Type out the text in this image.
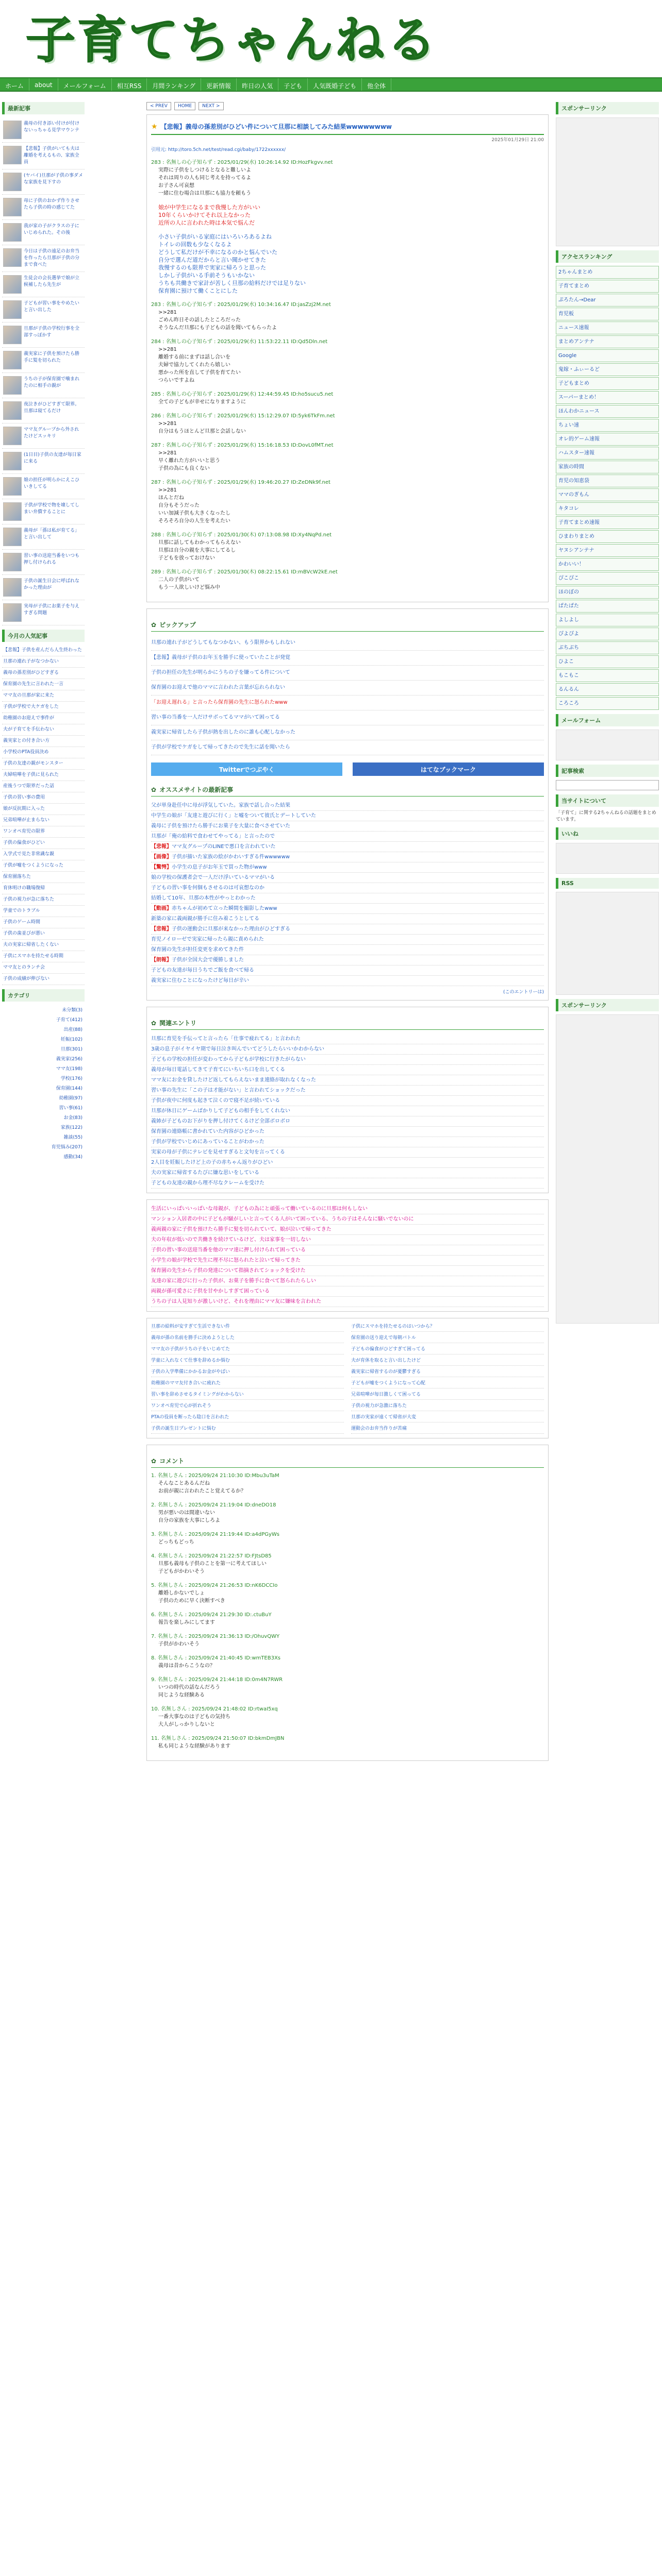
子育てちゃんねる
ホーム	about	メールフォーム	相互RSS	月間ランキング	更新情報	昨日の人気	子ども	人気既婚子ども	他全体
最新記事
義母の付き添い付けが付けないっちゃる見学マウンテ
【悲報】子供がいても夫は離婚を考えるもの、家族全員
(ヤバイ)旦那が子供の事ダメな家族を見下すの
母に子供のおかず作りさせたら子供の時の感じてた
我が家の子がクラスの子にいじめられた。その後
今日は子供の遠足のお弁当を作ったら旦那が子供の分まで食べた
生徒会の会長選挙で娘が立候補したら先生が
子どもが習い事をやめたいと言い出した
旦那が子供の学校行事を全部すっぽかす
義実家に子供を預けたら勝手に髪を切られた
うちの子が保育園で噛まれたのに相手の親が
夜泣きがひどすぎて限界。旦那は寝てるだけ
ママ友グループから外されたけどスッキリ
(1日目)子供の友達が毎日家に来る
娘の担任が明らかにえこひいきしてる
子供が学校で物を壊してしまい弁償することに
義母が「孫は私が育てる」と言い出して
習い事の送迎当番をいつも押し付けられる
子供の誕生日会に呼ばれなかった理由が
実母が子供にお菓子を与えすぎる問題
今月の人気記事
【悲報】子供を産んだら人生終わった
旦那の連れ子がなつかない
義母の孫差別がひどすぎる
保育園の先生に言われた一言
ママ友の旦那が家に来た
子供が学校で大ケガをした
幼稚園のお迎えで事件が
夫が子育てを手伝わない
義実家との付き合い方
小学校のPTA役員決め
子供の友達の親がモンスター
夫婦喧嘩を子供に見られた
産後うつで限界だった話
子供の習い事の費用
娘が反抗期に入った
兄弟喧嘩が止まらない
ワンオペ育児の限界
子供の偏食がひどい
入学式で見た非常識な親
子供が嘘をつくようになった
保育園落ちた
育休明けの職場復帰
子供の視力が急に落ちた
学童でのトラブル
子供のゲーム時間
子供の歯並びが悪い
夫の実家に帰省したくない
子供にスマホを持たせる時期
ママ友とのランチ会
子供の成績が伸びない
カテゴリ
未分類(3)
子育て(412)
出産(88)
妊娠(102)
旦那(301)
義実家(256)
ママ友(198)
学校(176)
保育園(144)
幼稚園(97)
習い事(61)
お金(83)
家族(122)
雑談(55)
育児悩み(207)
感動(34)
< PREV	HOME	NEXT >
★ 【悲報】義母の孫差別がひどい件について旦那に相談してみた結果wwwwwwww
2025年01月29日 21:00
引用元: http://toro.5ch.net/test/read.cgi/baby/1722xxxxxx/
283 : 名無しの心子知らず : 2025/01/29(水) 10:26:14.92 ID:HozFkgvv.net
実際に子供をしつけるとなると難しいよ
それは周りの人も同じ考えを持ってるよ
お子さん可哀想
一緒に住む場合は旦那にも協力を頼もう
娘が中学生になるまで我慢した方がいい
10年くらいかけてそれ以上なかった
近所の人に言われた時は本気で悩んだ
小さい子供がいる家庭にはいろいろあるよね
トイレの回数も少なくなるよ
どうして私だけが不幸になるのかと悩んでいた
自分で選んだ道だからと言い聞かせてきた
我慢するのも限界で実家に帰ろうと思った
しかし子供がいる手前そうもいかない
うちも共働きで家計が苦しく旦那の給料だけでは足りない
保育園に預けて働くことにした
283 : 名無しの心子知らず : 2025/01/29(水) 10:34:16.47 ID:jasZzj2M.net
>>281
ごめん昨日その話したところだった
そうなんだ旦那にも子どもの話を聞いてもらったよ
284 : 名無しの心子知らず : 2025/01/29(水) 11:53:22.11 ID:Qd5Dln.net
>>281
離婚する前にまずは話し合いを
夫婦で協力してくれたら嬉しい
悪かった所を直して子供を育てたい
つらいですよね
285 : 名無しの心子知らず : 2025/01/29(水) 12:44:59.45 ID:ho5sucu5.net
全ての子どもが幸せになりますように
286 : 名無しの心子知らず : 2025/01/29(水) 15:12:29.07 ID:5yk6TkFm.net
>>281
自分はもうほとんど旦那と会話しない
287 : 名無しの心子知らず : 2025/01/29(水) 15:16:18.53 ID:DovL0fMT.net
>>281
早く離れた方がいいと思う
子供の為にも良くない
287 : 名無しの心子知らず : 2025/01/29(水) 19:46:20.27 ID:ZeDNk9f.net
>>281
ほんとだね
自分もそうだった
いい加減子供も大きくなったし
そろそろ自分の人生を考えたい
288 : 名無しの心子知らず : 2025/01/30(木) 07:13:08.98 ID:Xy4NqPd.net
旦那に話してもわかってもらえない
旦那は自分の親を大事にしてるし
子どもを放っておけない
289 : 名無しの心子知らず : 2025/01/30(木) 08:22:15.61 ID:mBVcW2kE.net
二人の子供がいて
もう一人欲しいけど悩み中
✿ ピックアップ
旦那の連れ子がどうしてもなつかない、もう限界かもしれない
【悲報】義母が子供のお年玉を勝手に使っていたことが発覚
子供の担任の先生が明らかにうちの子を嫌ってる件について
保育園のお迎えで他のママに言われた言葉が忘れられない
「お迎え遅れる」と言ったら保育園の先生に怒られたwww
習い事の当番を一人だけサボってるママがいて困ってる
義実家に帰省したら子供が熱を出したのに誰も心配しなかった
子供が学校でケガをして帰ってきたので先生に話を聞いたら
Twitterでつぶやく	はてなブックマーク
✿ オススメサイトの最新記事
父が単身赴任中に母が浮気していた。家族で話し合った結果
中学生の娘が「友達と遊びに行く」と嘘をついて彼氏とデートしていた
義母に子供を預けたら勝手にお菓子を大量に食べさせていた
旦那が「俺の給料で食わせてやってる」と言ったので
【悲報】ママ友グループのLINEで悪口を言われていた
【画像】子供が描いた家族の絵がかわいすぎる件wwwwww
【驚愕】小学生の息子がお年玉で買った物がwww
娘の学校の保護者会で一人だけ浮いているママがいる
子どもの習い事を何個もさせるのは可哀想なのか
結婚して10年、旦那の本性がやっとわかった
【動画】赤ちゃんが初めて立った瞬間を撮影したwww
新築の家に義両親が勝手に住み着こうとしてる
【悲報】子供の運動会に旦那が来なかった理由がひどすぎる
育児ノイローゼで実家に帰ったら親に責められた
保育園の先生が担任変更を求めてきた件
【朗報】子供が全国大会で優勝しました
子どもの友達が毎日うちでご飯を食べて帰る
義実家に住むことになったけど毎日が辛い
(このエントリーは)
✿ 関連エントリ
旦那に育児を手伝ってと言ったら「仕事で疲れてる」と言われた
3歳の息子がイヤイヤ期で毎日泣き叫んでいてどうしたらいいかわからない
子どもの学校の担任が変わってから子どもが学校に行きたがらない
義母が毎日電話してきて子育てにいちいち口を出してくる
ママ友にお金を貸したけど返してもらえないまま連絡が取れなくなった
習い事の先生に「この子は才能がない」と言われてショックだった
子供が夜中に何度も起きて泣くので寝不足が続いている
旦那が休日にゲームばかりして子どもの相手をしてくれない
義姉が子どものお下がりを押し付けてくるけど全部ボロボロ
保育園の連絡帳に書かれていた内容がひどかった
子供が学校でいじめにあっていることがわかった
実家の母が子供にテレビを見せすぎると文句を言ってくる
2人目を妊娠したけど上の子の赤ちゃん返りがひどい
夫の実家に帰省するたびに嫌な思いをしている
子どもの友達の親から理不尽なクレームを受けた
生活にいっぱいいっぱいな母親が、子どもの為にと頑張って働いているのに旦那は何もしない
マンション入居者の中に子どもが騒がしいと言ってくる人がいて困っている、うちの子はそんなに騒いでないのに
義両親の家に子供を預けたら勝手に髪を切られていて、娘が泣いて帰ってきた
夫の年収が低いので共働きを続けているけど、夫は家事を一切しない
子供の習い事の送迎当番を他のママ達に押し付けられて困っている
小学生の娘が学校で先生に理不尽に怒られたと泣いて帰ってきた
保育園の先生から子供の発達について指摘されてショックを受けた
友達の家に遊びに行った子供が、お菓子を勝手に食べて怒られたらしい
両親が孫可愛さに子供を甘やかしすぎて困っている
うちの子は人見知りが激しいけど、それを理由にママ友に嫌味を言われた
旦那の給料が安すぎて生活できない件	子供にスマホを持たせるのはいつから？
義母が孫の名前を勝手に決めようとした	保育園の送り迎えで毎朝バトル
ママ友の子供がうちの子をいじめてた	子どもの偏食がひどすぎて困ってる
学童に入れなくて仕事を辞めるか悩む	夫が育休を取ると言い出したけど
子供の入学準備にかかるお金がやばい	義実家に帰省するのが憂鬱すぎる
幼稚園のママ友付き合いに疲れた	子どもが嘘をつくようになって心配
習い事を辞めさせるタイミングがわからない	兄弟喧嘩が毎日激しくて困ってる
ワンオペ育児で心が折れそう	子供の視力が急激に落ちた
PTAの役員を断ったら陰口を言われた	旦那の実家が遠くて帰省が大変
子供の誕生日プレゼントに悩む	運動会のお弁当作りが苦痛
✿ コメント
1. 名無しさん : 2025/09/24 21:10:30 ID:Mbu3uTaM
そんなことあるんだね
お前が親に言われたこと覚えてるか？
2. 名無しさん : 2025/09/24 21:19:04 ID:dneDO18
男が悪いのは間違いない
自分の家族を大事にしろよ
3. 名無しさん : 2025/09/24 21:19:44 ID:a4dPGyWs
どっちもどっち
4. 名無しさん : 2025/09/24 21:22:57 ID:FJtsD85
旦那も義母も子供のことを第一に考えてほしい
子どもがかわいそう
5. 名無しさん : 2025/09/24 21:26:53 ID:nK6DCCIo
離婚しかないでしょ
子供のために早く決断すべき
6. 名無しさん : 2025/09/24 21:29:30 ID:.ctuBuY
報告を楽しみにしてます
7. 名無しさん : 2025/09/24 21:36:13 ID:/OhuvQWY
子供がかわいそう
8. 名無しさん : 2025/09/24 21:40:45 ID:wmTEB3Xs
義母は昔からこうなの？
9. 名無しさん : 2025/09/24 21:44:18 ID:0m4N7RWR
いつの時代の話なんだろう
同じような経験ある
10. 名無しさん : 2025/09/24 21:48:02 ID:rtwaI5xq
一番大事なのは子どもの気持ち
大人がしっかりしないと
11. 名無しさん : 2025/09/24 21:50:07 ID:bkmDmJBN
私も同じような経験があります
スポンサーリンク
アクセスランキング
2ちゃんまとめ
子育てまとめ
ぷろたん→Dear
育児板
ニュース速報
まとめアンテナ
Google
鬼嫁・ふぃーるど
子どもまとめ
スーパーまとめ！
ほんわかニュース
ちょい速
オレ的ゲーム速報
ハムスター速報
家族の時間
育児の知恵袋
ママのぎもん
キタコレ
子育てまとめ速報
ひまわりまとめ
ヤヌシアンテナ
かわいい！
ぴこぴこ
ほのぼの
ぱたぱた
よしよし
ぴよぴよ
ぶちぶち
ひよこ
もこもこ
るんるん
ころころ
メールフォーム
記事検索
当サイトについて
「子育て」に関する2ちゃんねるの話題をまとめています。
いいね
RSS
スポンサーリンク
